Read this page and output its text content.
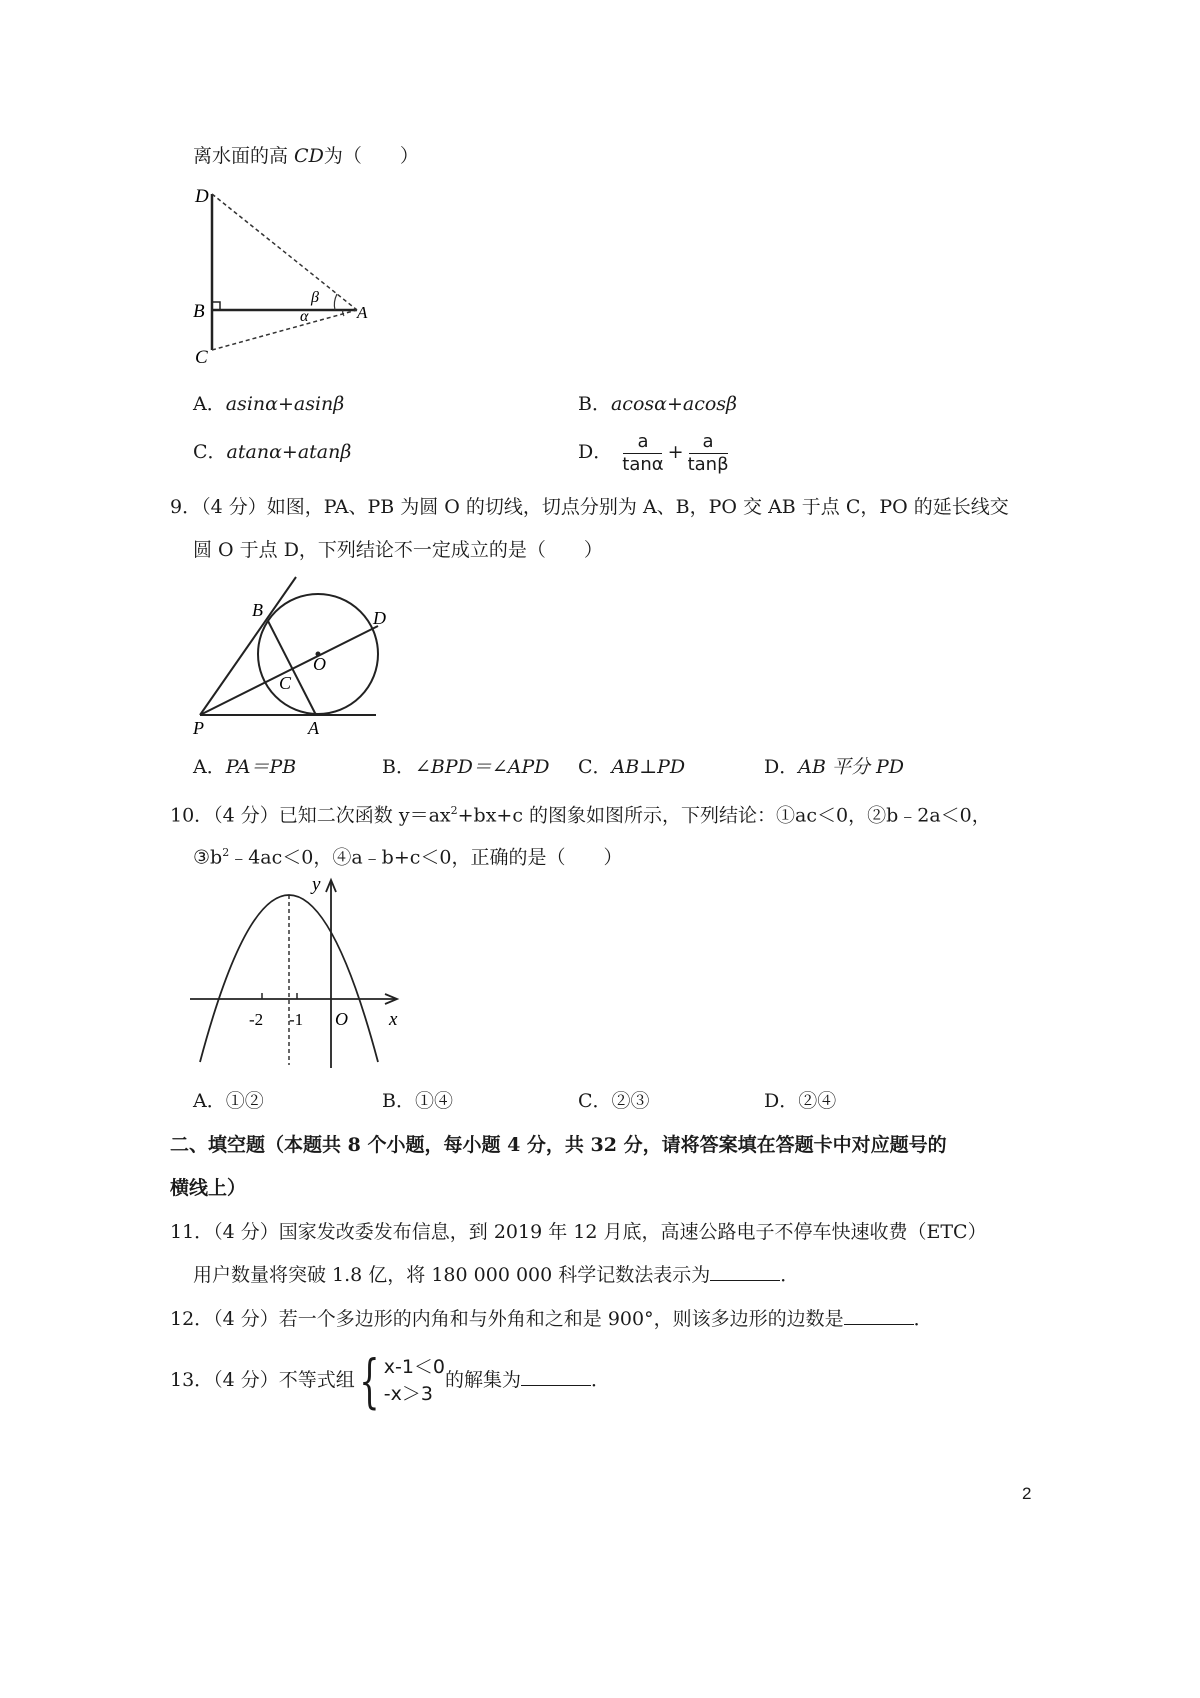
离水面的高 CD为（　　）
D
B
C
A
β
α
A．asinα+asinβ	B．acosα+acosβ
C．atanα+atanβ	D． $\frac{a}{\tan\alpha} + \frac{a}{\tan\beta}$
9．（4 分）如图，PA、PB 为圆 O 的切线，切点分别为 A、B，PO 交 AB 于点 C，PO 的延长线交
圆 O 于点 D，下列结论不一定成立的是（　　）
B	D
O
C
P	A
A．PA＝PB	B．∠BPD＝∠APD C．AB⊥PD	D．AB 平分 PD
10．（4 分）已知二次函数 $y=ax^2+bx+c$ 的图象如图所示，下列结论：①ac＜0，②b﹣2a＜0，
$③b^2﹣4ac<0$，④a﹣b+c＜0，正确的是（　　）
y
x
O
-2 -1
A．①②	B．①④	C．②③	D．②④
二、填空题（本题共 8 个小题，每小题 4 分，共 32 分，请将答案填在答题卡中对应题号的
横线上）
11．（4 分）国家发改委发布信息，到 2019 年 12 月底，高速公路电子不停车快速收费（ETC）
用户数量将突破 1.8 亿，将 180 000 000 科学记数法表示为	．
12．（4 分）若一个多边形的内角和与外角和之和是 900°，则该多边形的边数是	．
13．（4 分）不等式组{ x-1＜0
-x＞3
的解集为	．
2
